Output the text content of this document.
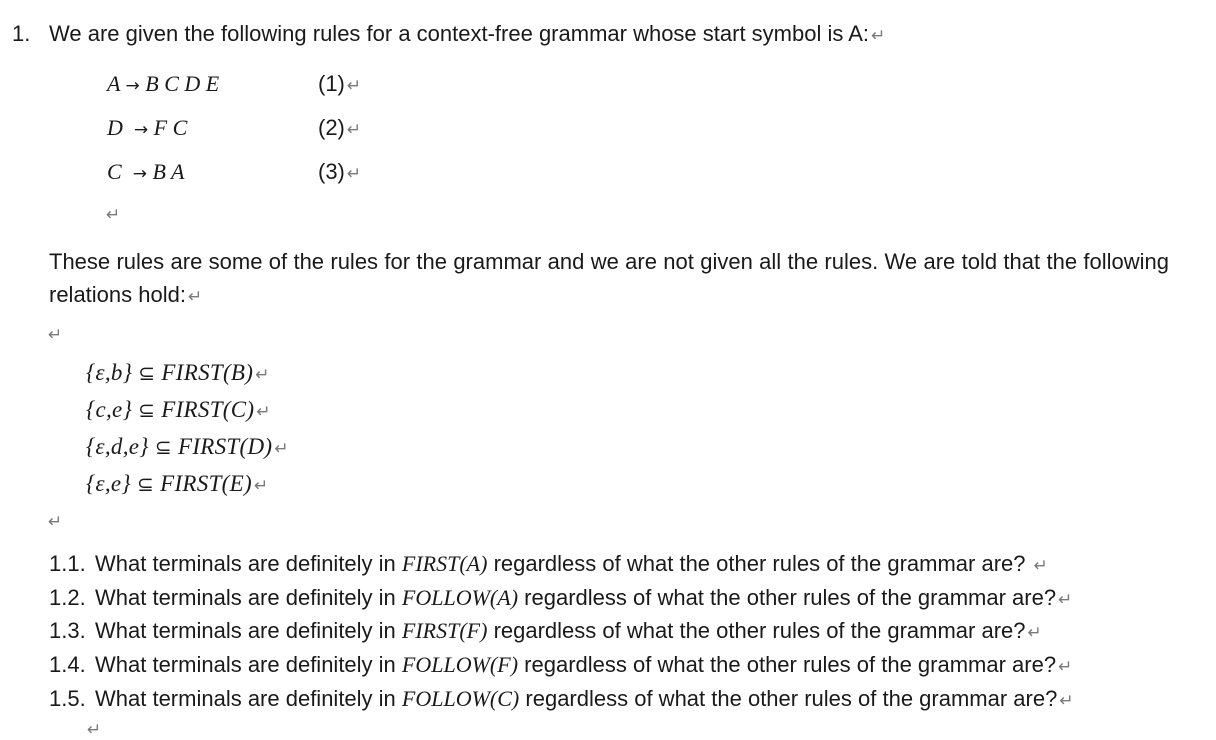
1. We are given the following rules for a context-free grammar whose start symbol is A: ↵
A → B C D E	(1) ↵
D → F C	(2) ↵
C → B A	(3) ↵
↵
These rules are some of the rules for the grammar and we are not given all the rules. We are told that the following relations hold: ↵
↵
{ε,b} ⊆ FIRST(B) ↵
{c,e} ⊆ FIRST(C) ↵
{ε,d,e} ⊆ FIRST(D) ↵
{ε,e} ⊆ FIRST(E) ↵
↵
1.1. What terminals are definitely in FIRST(A) regardless of what the other rules of the grammar are? ↵
1.2. What terminals are definitely in FOLLOW(A) regardless of what the other rules of the grammar are? ↵
1.3. What terminals are definitely in FIRST(F) regardless of what the other rules of the grammar are? ↵
1.4. What terminals are definitely in FOLLOW(F) regardless of what the other rules of the grammar are? ↵
1.5. What terminals are definitely in FOLLOW(C) regardless of what the other rules of the grammar are? ↵
↵
